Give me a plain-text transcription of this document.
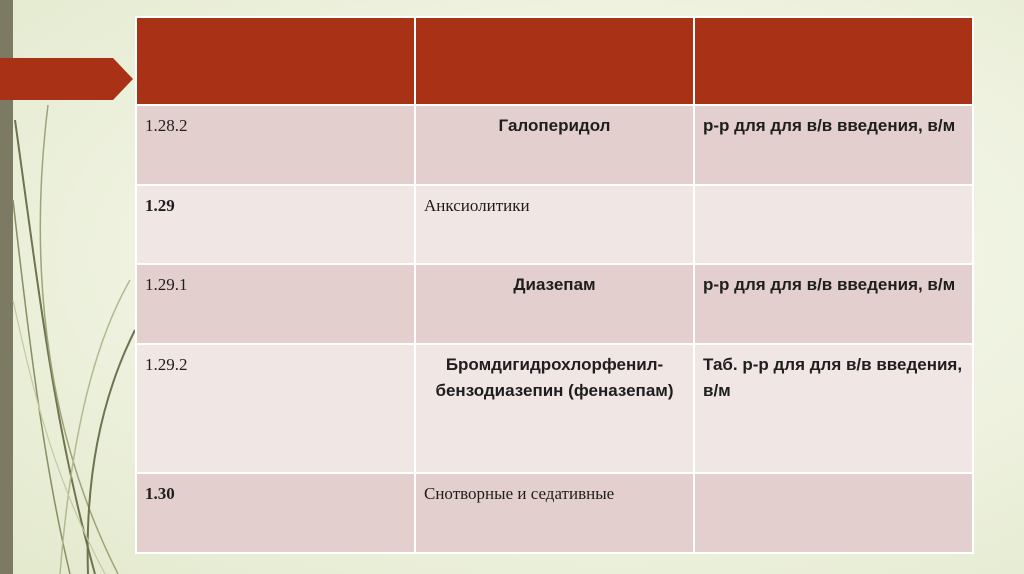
1.28.2	Галоперидол	р-р для для в/в введения, в/м
1.29	Анксиолитики	
1.29.1	Диазепам	р-р для для в/в введения, в/м
1.29.2	Бромдигидрохлорфенил-бензодиазепин (феназепам)	Таб. р-р для для в/в введения, в/м
1.30	Снотворные и седативные	
